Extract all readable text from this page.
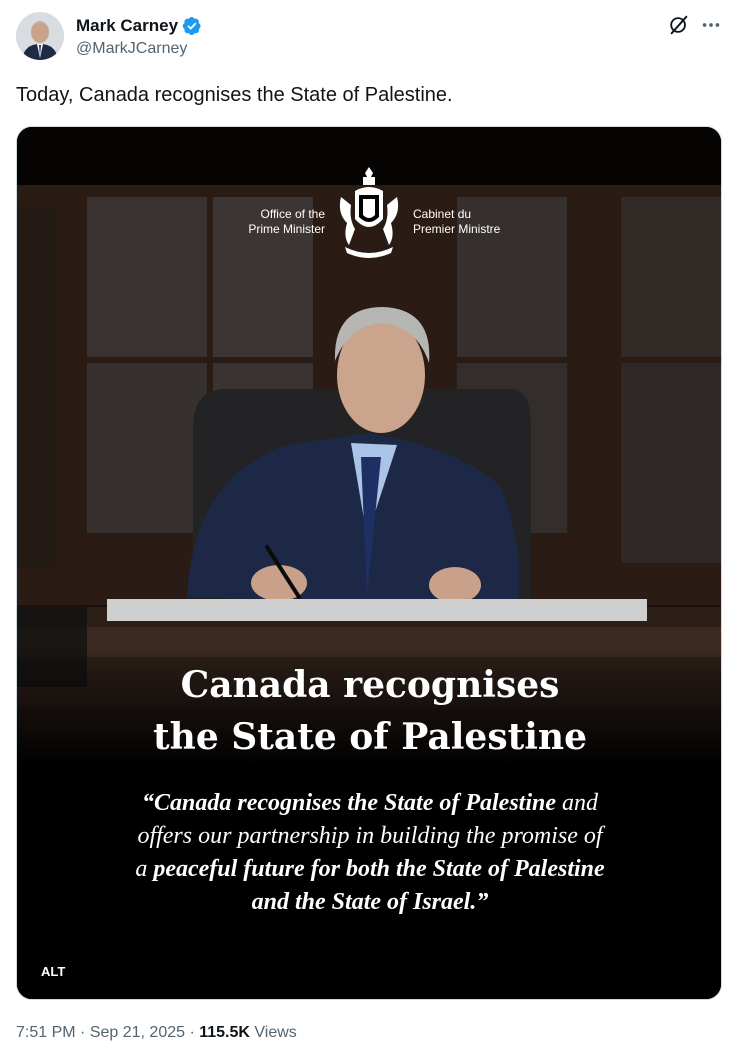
Mark Carney
@MarkJCarney
Today, Canada recognises the State of Palestine.
Office of the
Prime Minister
Cabinet du
Premier Ministre
Canada recognises
the State of Palestine
“Canada recognises the State of Palestine and
offers our partnership in building the promise of
a peaceful future for both the State of Palestine
and the State of Israel.”
ALT
7:51 PM · Sep 21, 2025 · 115.5K Views
